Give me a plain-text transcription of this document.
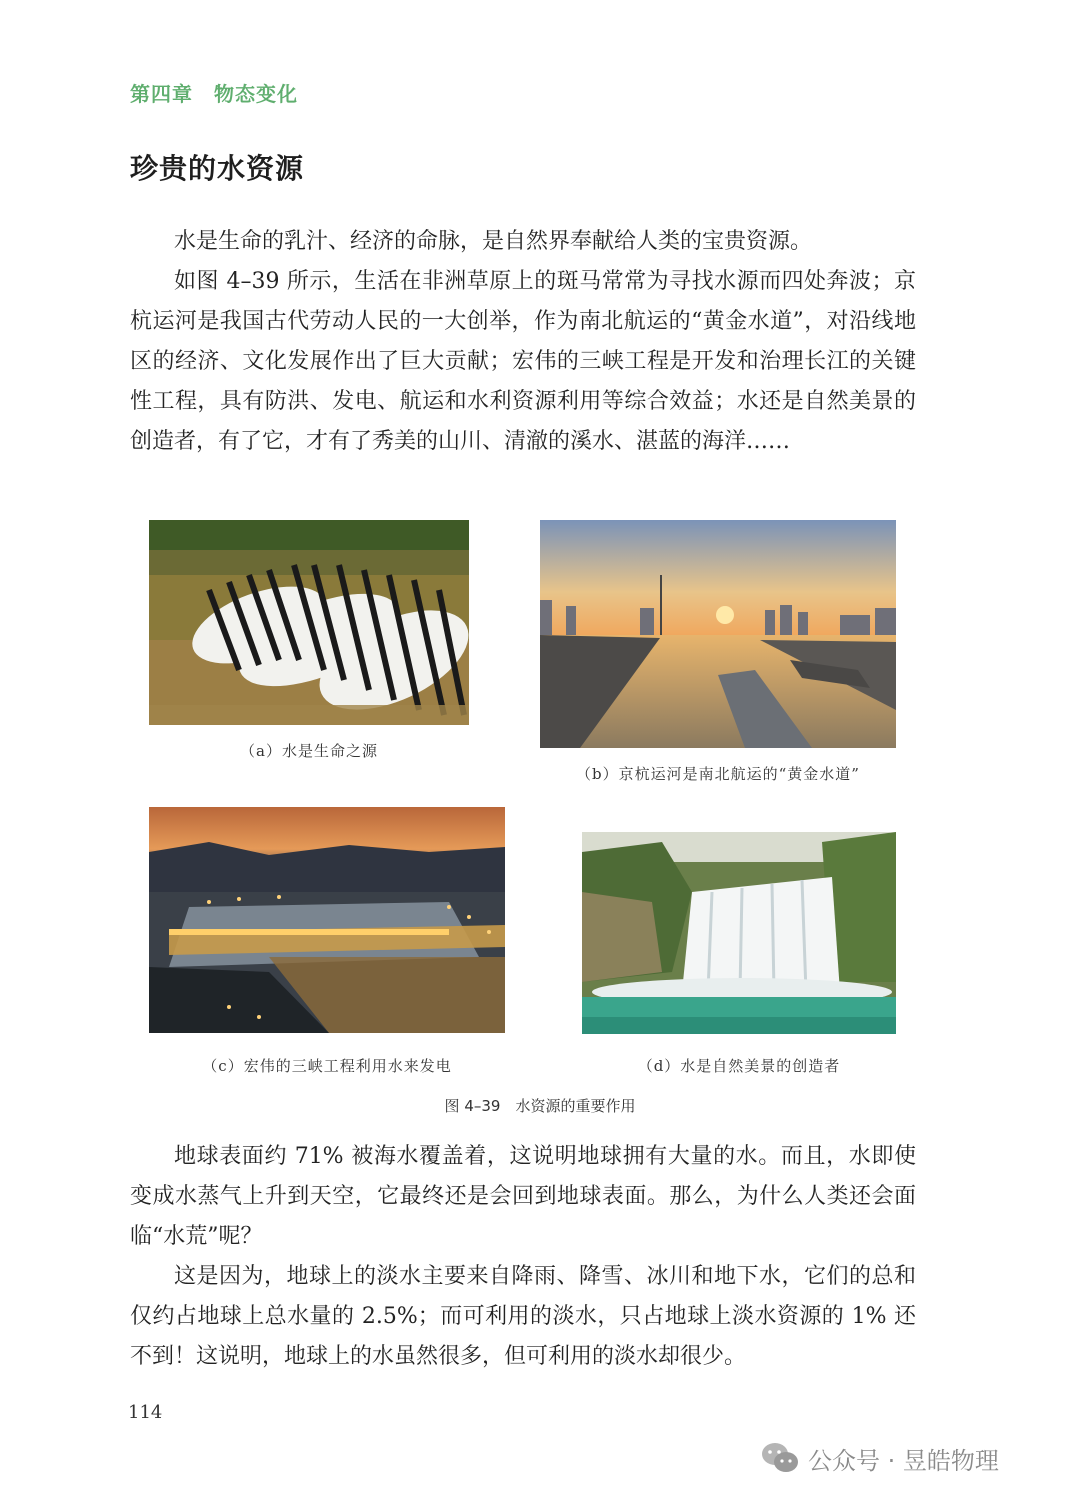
第四章　物态变化
珍贵的水资源

水是生命的乳汁、经济的命脉，是自然界奉献给人类的宝贵资源。

如图 4–39 所示，生活在非洲草原上的斑马常常为寻找水源而四处奔波；京杭运河是我国古代劳动人民的一大创举，作为南北航运的“黄金水道”，对沿线地区的经济、文化发展作出了巨大贡献；宏伟的三峡工程是开发和治理长江的关键性工程，具有防洪、发电、航运和水利资源利用等综合效益；水还是自然美景的创造者，有了它，才有了秀美的山川、清澈的溪水、湛蓝的海洋……

（a）水是生命之源
（b）京杭运河是南北航运的“黄金水道”
（c）宏伟的三峡工程利用水来发电	（d）水是自然美景的创造者
图 4–39　水资源的重要作用

地球表面约 71% 被海水覆盖着，这说明地球拥有大量的水。而且，水即使变成水蒸气上升到天空，它最终还是会回到地球表面。那么，为什么人类还会面临“水荒”呢？

这是因为，地球上的淡水主要来自降雨、降雪、冰川和地下水，它们的总和仅约占地球上总水量的 2.5%；而可利用的淡水，只占地球上淡水资源的 1% 还不到！这说明，地球上的水虽然很多，但可利用的淡水却很少。

114
公众号 · 昱皓物理
